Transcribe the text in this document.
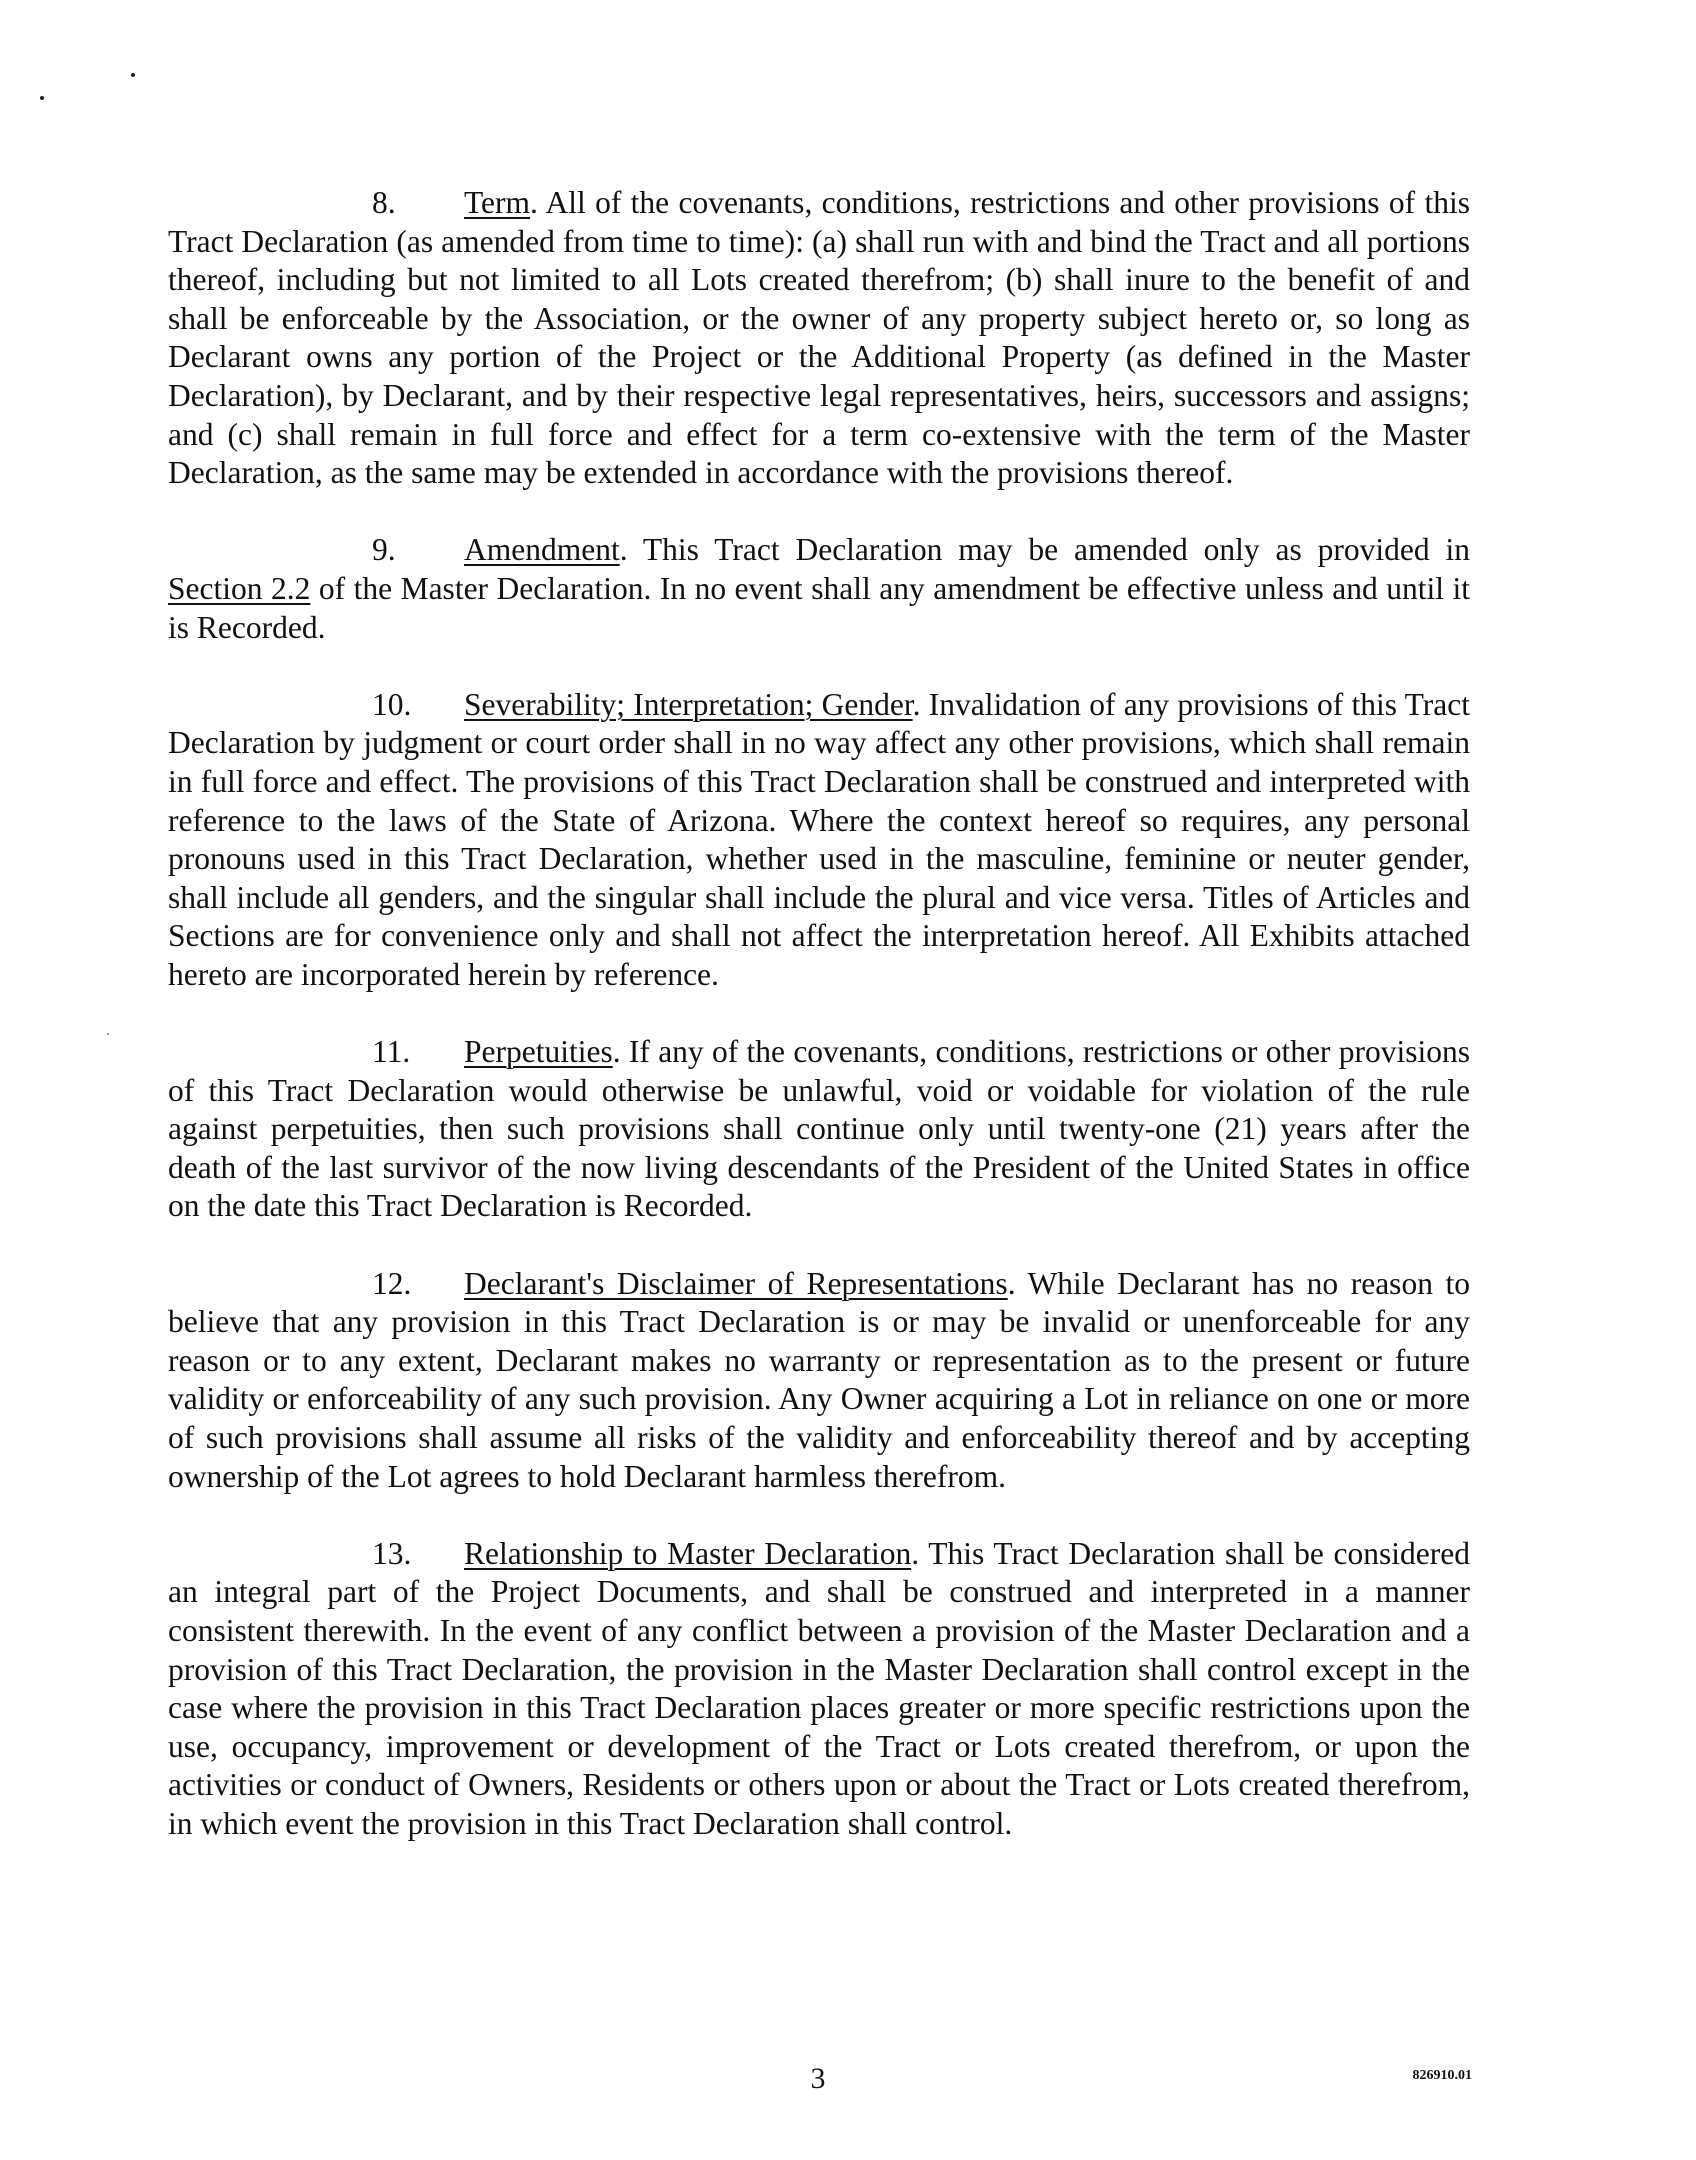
8. Term. All of the covenants, conditions, restrictions and other provisions of this Tract Declaration (as amended from time to time): (a) shall run with and bind the Tract and all portions thereof, including but not limited to all Lots created therefrom; (b) shall inure to the benefit of and shall be enforceable by the Association, or the owner of any property subject hereto or, so long as Declarant owns any portion of the Project or the Additional Property (as defined in the Master Declaration), by Declarant, and by their respective legal representatives, heirs, successors and assigns; and (c) shall remain in full force and effect for a term co-extensive with the term of the Master Declaration, as the same may be extended in accordance with the provisions thereof.

9. Amendment. This Tract Declaration may be amended only as provided in Section 2.2 of the Master Declaration. In no event shall any amendment be effective unless and until it is Recorded.

10. Severability; Interpretation; Gender. Invalidation of any provisions of this Tract Declaration by judgment or court order shall in no way affect any other provisions, which shall remain in full force and effect. The provisions of this Tract Declaration shall be construed and interpreted with reference to the laws of the State of Arizona. Where the context hereof so requires, any personal pronouns used in this Tract Declaration, whether used in the masculine, feminine or neuter gender, shall include all genders, and the singular shall include the plural and vice versa. Titles of Articles and Sections are for convenience only and shall not affect the interpretation hereof. All Exhibits attached hereto are incorporated herein by reference.

11. Perpetuities. If any of the covenants, conditions, restrictions or other provisions of this Tract Declaration would otherwise be unlawful, void or voidable for violation of the rule against perpetuities, then such provisions shall continue only until twenty-one (21) years after the death of the last survivor of the now living descendants of the President of the United States in office on the date this Tract Declaration is Recorded.

12. Declarant's Disclaimer of Representations. While Declarant has no reason to believe that any provision in this Tract Declaration is or may be invalid or unenforceable for any reason or to any extent, Declarant makes no warranty or representation as to the present or future validity or enforceability of any such provision. Any Owner acquiring a Lot in reliance on one or more of such provisions shall assume all risks of the validity and enforceability thereof and by accepting ownership of the Lot agrees to hold Declarant harmless therefrom.

13. Relationship to Master Declaration. This Tract Declaration shall be considered an integral part of the Project Documents, and shall be construed and interpreted in a manner consistent therewith. In the event of any conflict between a provision of the Master Declaration and a provision of this Tract Declaration, the provision in the Master Declaration shall control except in the case where the provision in this Tract Declaration places greater or more specific restrictions upon the use, occupancy, improvement or development of the Tract or Lots created therefrom, or upon the activities or conduct of Owners, Residents or others upon or about the Tract or Lots created therefrom, in which event the provision in this Tract Declaration shall control.

3	826910.01
